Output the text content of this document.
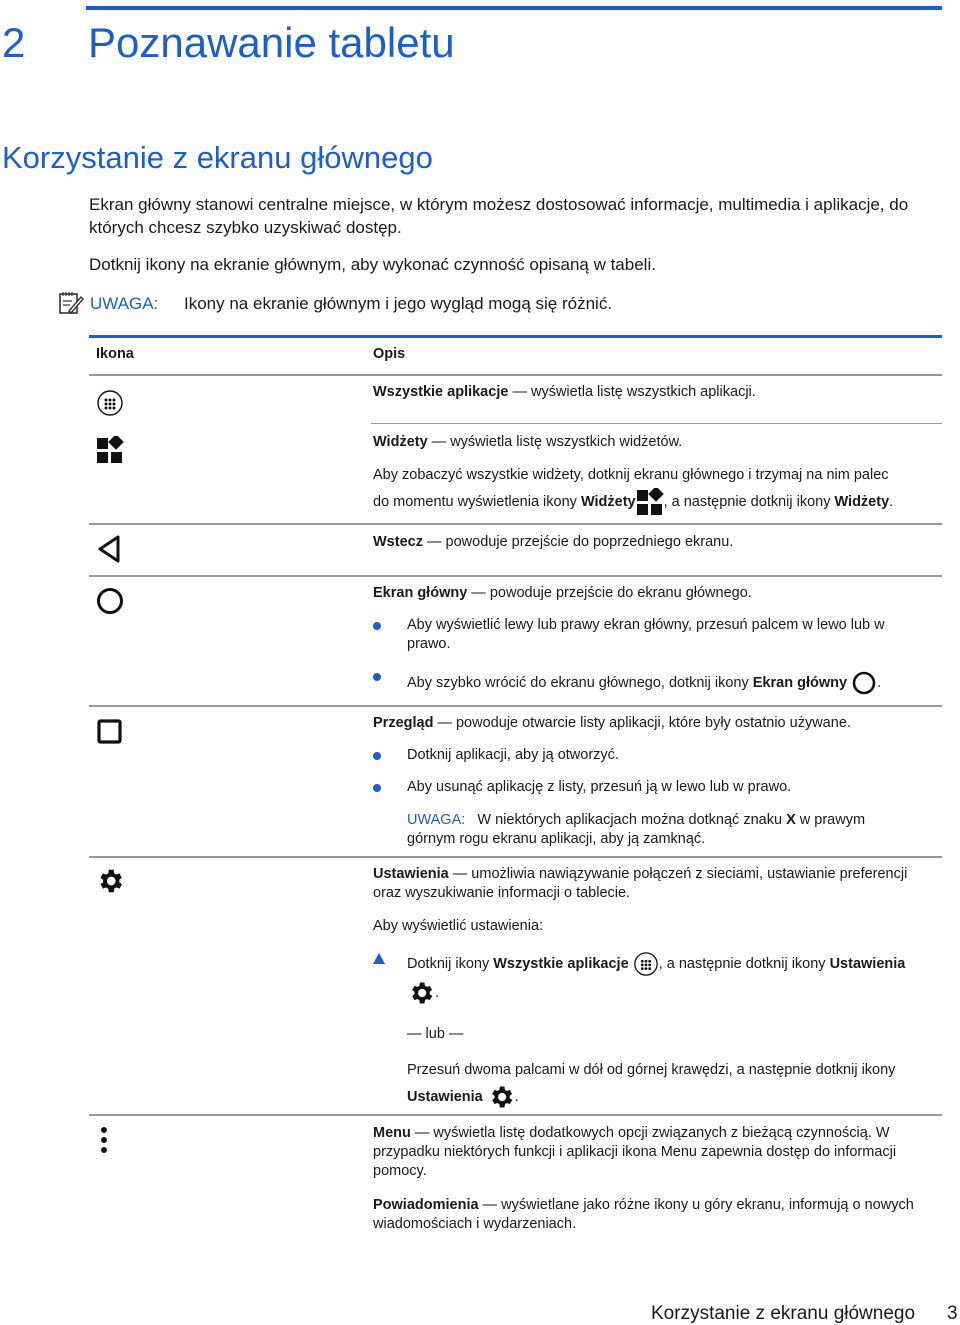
2 Poznawanie tabletu
Korzystanie z ekranu głównego
Ekran główny stanowi centralne miejsce, w którym możesz dostosować informacje, multimedia i aplikacje, do których chcesz szybko uzyskiwać dostęp.
Dotknij ikony na ekranie głównym, aby wykonać czynność opisaną w tabeli.
UWAGA: Ikony na ekranie głównym i jego wygląd mogą się różnić.
Ikona	Opis
Wszystkie aplikacje — wyświetla listę wszystkich aplikacji.
Widżety — wyświetla listę wszystkich widżetów.
Aby zobaczyć wszystkie widżety, dotknij ekranu głównego i trzymaj na nim palec
do momentu wyświetlenia ikony Widżety , a następnie dotknij ikony Widżety.
Wstecz — powoduje przejście do poprzedniego ekranu.
Ekran główny — powoduje przejście do ekranu głównego.
Aby wyświetlić lewy lub prawy ekran główny, przesuń palcem w lewo lub w prawo.
Aby szybko wrócić do ekranu głównego, dotknij ikony Ekran główny .
Przegląd — powoduje otwarcie listy aplikacji, które były ostatnio używane.
Dotknij aplikacji, aby ją otworzyć.
Aby usunąć aplikację z listy, przesuń ją w lewo lub w prawo.
UWAGA: W niektórych aplikacjach można dotknąć znaku X w prawym górnym rogu ekranu aplikacji, aby ją zamknąć.
Ustawienia — umożliwia nawiązywanie połączeń z sieciami, ustawianie preferencji oraz wyszukiwanie informacji o tablecie.
Aby wyświetlić ustawienia:
Dotknij ikony Wszystkie aplikacje , a następnie dotknij ikony Ustawienia
.
— lub —
Przesuń dwoma palcami w dół od górnej krawędzi, a następnie dotknij ikony
Ustawienia .
Menu — wyświetla listę dodatkowych opcji związanych z bieżącą czynnością. W przypadku niektórych funkcji i aplikacji ikona Menu zapewnia dostęp do informacji pomocy.
Powiadomienia — wyświetlane jako różne ikony u góry ekranu, informują o nowych wiadomościach i wydarzeniach.
Korzystanie z ekranu głównego 3
